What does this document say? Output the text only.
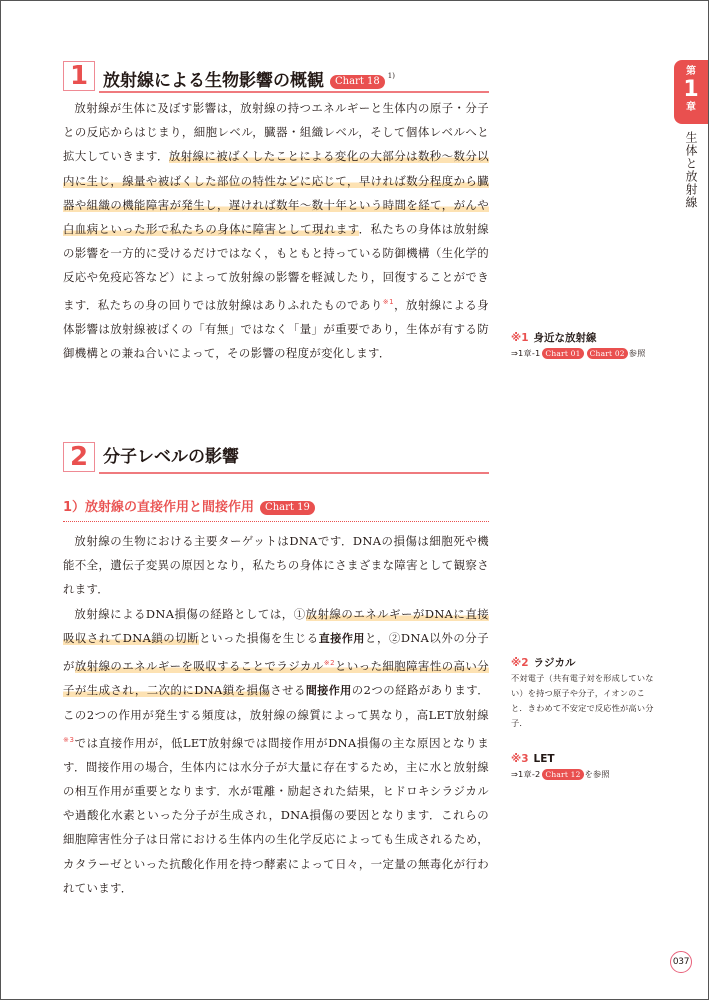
第
1
章
生体と放射線
1 放射線による生物影響の概観 Chart 18 $^{1)}$

放射線が生体に及ぼす影響は，放射線の持つエネルギーと生体内の原子・分子との反応からはじまり，細胞レベル，臓器・組織レベル，そして個体レベルへと拡大していきます．放射線に被ばくしたことによる変化の大部分は数秒～数分以内に生じ，線量や被ばくした部位の特性などに応じて，早ければ数分程度から臓器や組織の機能障害が発生し，遅ければ数年～数十年という時間を経て，がんや白血病といった形で私たちの身体に障害として現れます．私たちの身体は放射線の影響を一方的に受けるだけではなく，もともと持っている防御機構（生化学的反応や免疫応答など）によって放射線の影響を軽減したり，回復することができます．私たちの身の回りでは放射線はありふれたものであり$^{※1}$，放射線による身体影響は放射線被ばくの「有無」ではなく「量」が重要であり，生体が有する防御機構との兼ね合いによって，その影響の程度が変化します．

※1 身近な放射線
⇒1章-1 Chart 01 Chart 02 参照
2 分子レベルの影響
1）放射線の直接作用と間接作用 Chart 19

放射線の生物における主要ターゲットはDNAです．DNAの損傷は細胞死や機能不全，遺伝子変異の原因となり，私たちの身体にさまざまな障害として観察されます．

放射線によるDNA損傷の経路としては，①放射線のエネルギーがDNAに直接吸収されてDNA鎖の切断といった損傷を生じる直接作用と，②DNA以外の分子が放射線のエネルギーを吸収することでラジカル$^{※2}$といった細胞障害性の高い分子が生成され，二次的にDNA鎖を損傷させる間接作用の2つの経路があります．この2つの作用が発生する頻度は，放射線の線質によって異なり，高LET放射線$^{※3}$では直接作用が，低LET放射線では間接作用がDNA損傷の主な原因となります．間接作用の場合，生体内には水分子が大量に存在するため，主に水と放射線の相互作用が重要となります．水が電離・励起された結果，ヒドロキシラジカルや過酸化水素といった分子が生成され，DNA損傷の要因となります．これらの細胞障害性分子は日常における生体内の生化学反応によっても生成されるため，カタラーゼといった抗酸化作用を持つ酵素によって日々，一定量の無毒化が行われています．

※2 ラジカル
不対電子（共有電子対を形成していない）を持つ原子や分子，イオンのこと．きわめて不安定で反応性が高い分子．
※3 LET
⇒1章-2 Chart 12 を参照
037
